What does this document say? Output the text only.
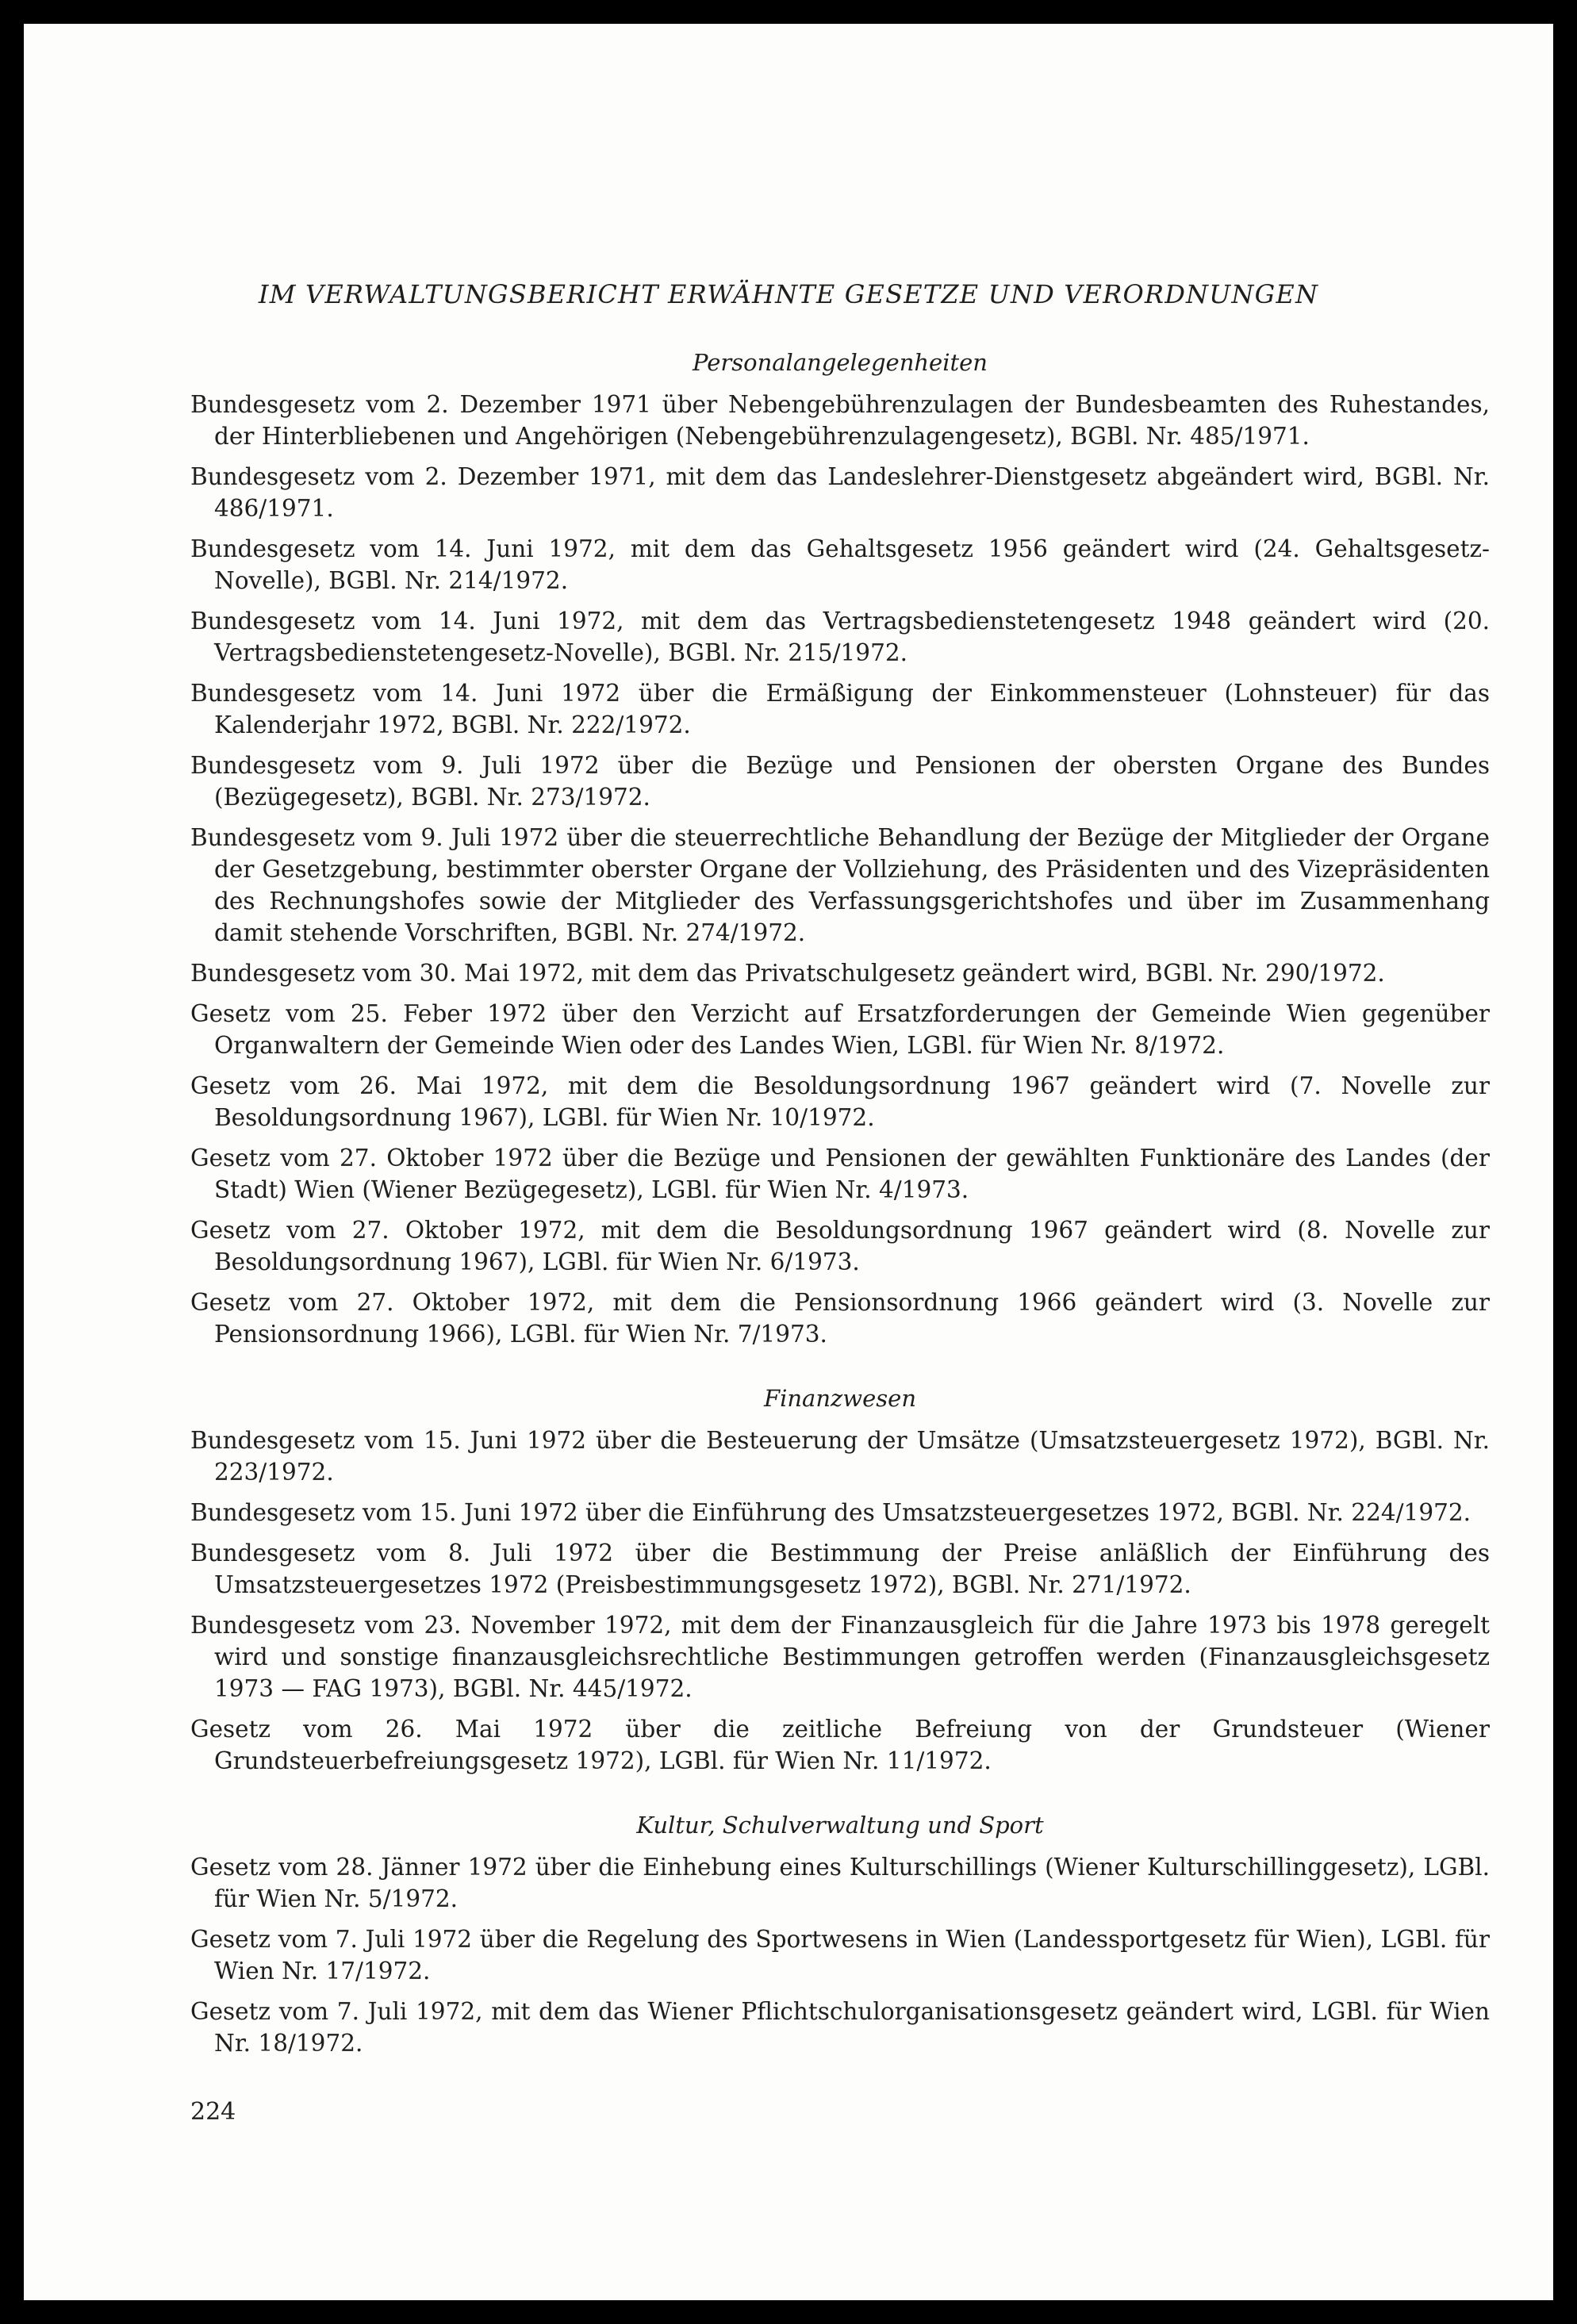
IM VERWALTUNGSBERICHT ERWÄHNTE GESETZE UND VERORDNUNGEN
Personalangelegenheiten

Bundesgesetz vom 2. Dezember 1971 über Nebengebührenzulagen der Bundesbeamten des Ruhestandes, der Hinterbliebenen und Angehörigen (Nebengebührenzulagengesetz), BGBl. Nr. 485/1971.

Bundesgesetz vom 2. Dezember 1971, mit dem das Landeslehrer-Dienstgesetz abgeändert wird, BGBl. Nr. 486/1971.

Bundesgesetz vom 14. Juni 1972, mit dem das Gehaltsgesetz 1956 geändert wird (24. Gehaltsgesetz-Novelle), BGBl. Nr. 214/1972.

Bundesgesetz vom 14. Juni 1972, mit dem das Vertragsbedienstetengesetz 1948 geändert wird (20. Vertragsbedienstetengesetz-Novelle), BGBl. Nr. 215/1972.

Bundesgesetz vom 14. Juni 1972 über die Ermäßigung der Einkommensteuer (Lohnsteuer) für das Kalenderjahr 1972, BGBl. Nr. 222/1972.

Bundesgesetz vom 9. Juli 1972 über die Bezüge und Pensionen der obersten Organe des Bundes (Bezügegesetz), BGBl. Nr. 273/1972.

Bundesgesetz vom 9. Juli 1972 über die steuerrechtliche Behandlung der Bezüge der Mitglieder der Organe der Gesetzgebung, bestimmter oberster Organe der Vollziehung, des Präsidenten und des Vizepräsidenten des Rechnungshofes sowie der Mitglieder des Verfassungsgerichtshofes und über im Zusammenhang damit stehende Vorschriften, BGBl. Nr. 274/1972.

Bundesgesetz vom 30. Mai 1972, mit dem das Privatschulgesetz geändert wird, BGBl. Nr. 290/1972.

Gesetz vom 25. Feber 1972 über den Verzicht auf Ersatzforderungen der Gemeinde Wien gegenüber Organwaltern der Gemeinde Wien oder des Landes Wien, LGBl. für Wien Nr. 8/1972.

Gesetz vom 26. Mai 1972, mit dem die Besoldungsordnung 1967 geändert wird (7. Novelle zur Besoldungsordnung 1967), LGBl. für Wien Nr. 10/1972.

Gesetz vom 27. Oktober 1972 über die Bezüge und Pensionen der gewählten Funktionäre des Landes (der Stadt) Wien (Wiener Bezügegesetz), LGBl. für Wien Nr. 4/1973.

Gesetz vom 27. Oktober 1972, mit dem die Besoldungsordnung 1967 geändert wird (8. Novelle zur Besoldungsordnung 1967), LGBl. für Wien Nr. 6/1973.

Gesetz vom 27. Oktober 1972, mit dem die Pensionsordnung 1966 geändert wird (3. Novelle zur Pensionsordnung 1966), LGBl. für Wien Nr. 7/1973.

Finanzwesen

Bundesgesetz vom 15. Juni 1972 über die Besteuerung der Umsätze (Umsatzsteuergesetz 1972), BGBl. Nr. 223/1972.

Bundesgesetz vom 15. Juni 1972 über die Einführung des Umsatzsteuergesetzes 1972, BGBl. Nr. 224/1972.

Bundesgesetz vom 8. Juli 1972 über die Bestimmung der Preise anläßlich der Einführung des Umsatzsteuergesetzes 1972 (Preisbestimmungsgesetz 1972), BGBl. Nr. 271/1972.

Bundesgesetz vom 23. November 1972, mit dem der Finanzausgleich für die Jahre 1973 bis 1978 geregelt wird und sonstige finanzausgleichsrechtliche Bestimmungen getroffen werden (Finanzausgleichsgesetz 1973 — FAG 1973), BGBl. Nr. 445/1972.

Gesetz vom 26. Mai 1972 über die zeitliche Befreiung von der Grundsteuer (Wiener Grundsteuerbefreiungsgesetz 1972), LGBl. für Wien Nr. 11/1972.

Kultur, Schulverwaltung und Sport

Gesetz vom 28. Jänner 1972 über die Einhebung eines Kulturschillings (Wiener Kulturschillinggesetz), LGBl. für Wien Nr. 5/1972.

Gesetz vom 7. Juli 1972 über die Regelung des Sportwesens in Wien (Landessportgesetz für Wien), LGBl. für Wien Nr. 17/1972.

Gesetz vom 7. Juli 1972, mit dem das Wiener Pflichtschulorganisationsgesetz geändert wird, LGBl. für Wien Nr. 18/1972.

224
